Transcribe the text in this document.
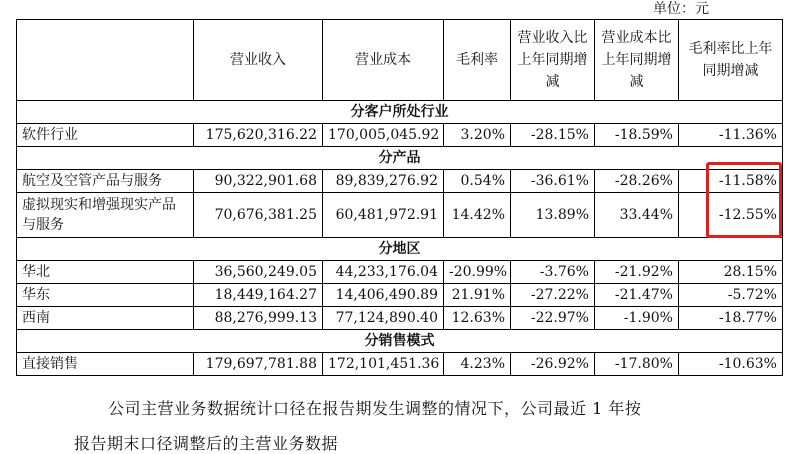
单位：元
	营业收入	营业成本	毛利率	营业收入比上年同期增减	营业成本比上年同期增减	毛利率比上年同期增减
分客户所处行业						
软件行业	175,620,316.22	170,005,045.92	3.20%	-28.15%	-18.59%	-11.36%
分产品						
航空及空管产品与服务	90,322,901.68	89,839,276.92	0.54%	-36.61%	-28.26%	-11.58%
虚拟现实和增强现实产品与服务	70,676,381.25	60,481,972.91	14.42%	13.89%	33.44%	-12.55%
分地区						
华北	36,560,249.05	44,233,176.04	-20.99%	-3.76%	-21.92%	28.15%
华东	18,449,164.27	14,406,490.89	21.91%	-27.22%	-21.47%	-5.72%
西南	88,276,999.13	77,124,890.40	12.63%	-22.97%	-1.90%	-18.77%
分销售模式						
直接销售	179,697,781.88	172,101,451.36	4.23%	-26.92%	-17.80%	-10.63%
公司主营业务数据统计口径在报告期发生调整的情况下，公司最近 1 年按
报告期末口径调整后的主营业务数据
